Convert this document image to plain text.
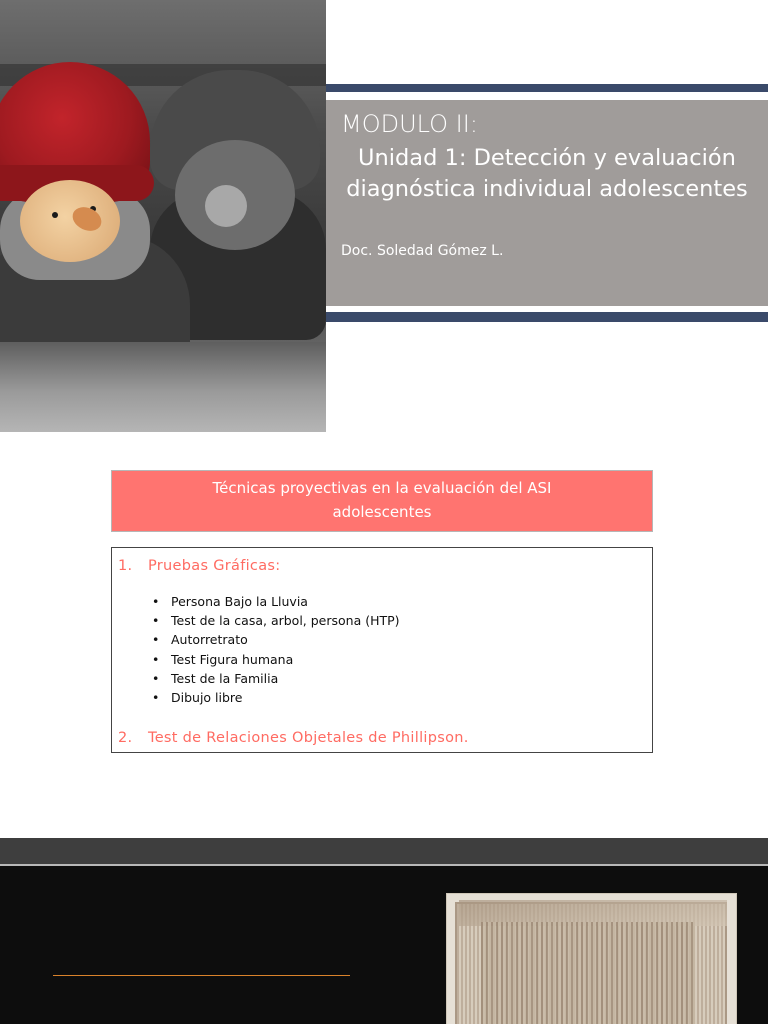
MODULO II:
Unidad 1: Detección y evaluación
diagnóstica individual adolescentes
Doc. Soledad Gómez L.
Técnicas proyectivas en la evaluación del ASI
adolescentes
1. Pruebas Gráficas:
• Persona Bajo la Lluvia
• Test de la casa, arbol, persona (HTP)
• Autorretrato
• Test Figura humana
• Test de la Familia
• Dibujo libre
2. Test de Relaciones Objetales de Phillipson.
